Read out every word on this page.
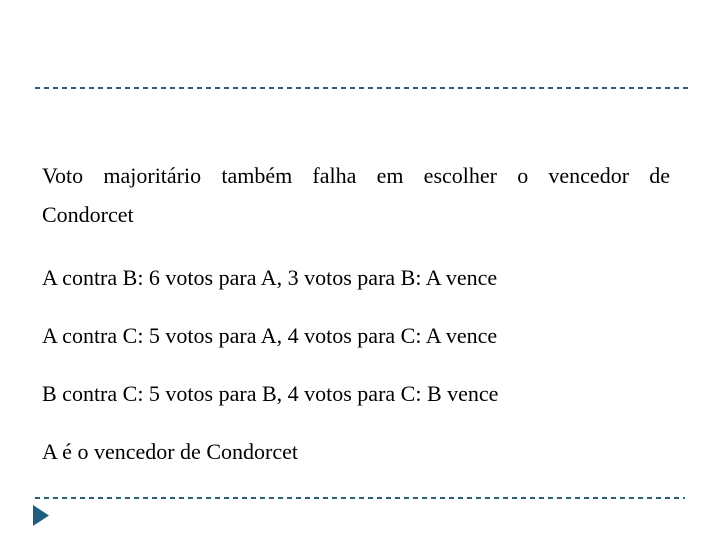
Voto majoritário também falha em escolher o vencedor de
Condorcet

A contra B: 6 votos para A, 3 votos para B: A vence

A contra C: 5 votos para A, 4 votos para C: A vence

B contra C: 5 votos para B, 4 votos para C: B vence

A é o vencedor de Condorcet
